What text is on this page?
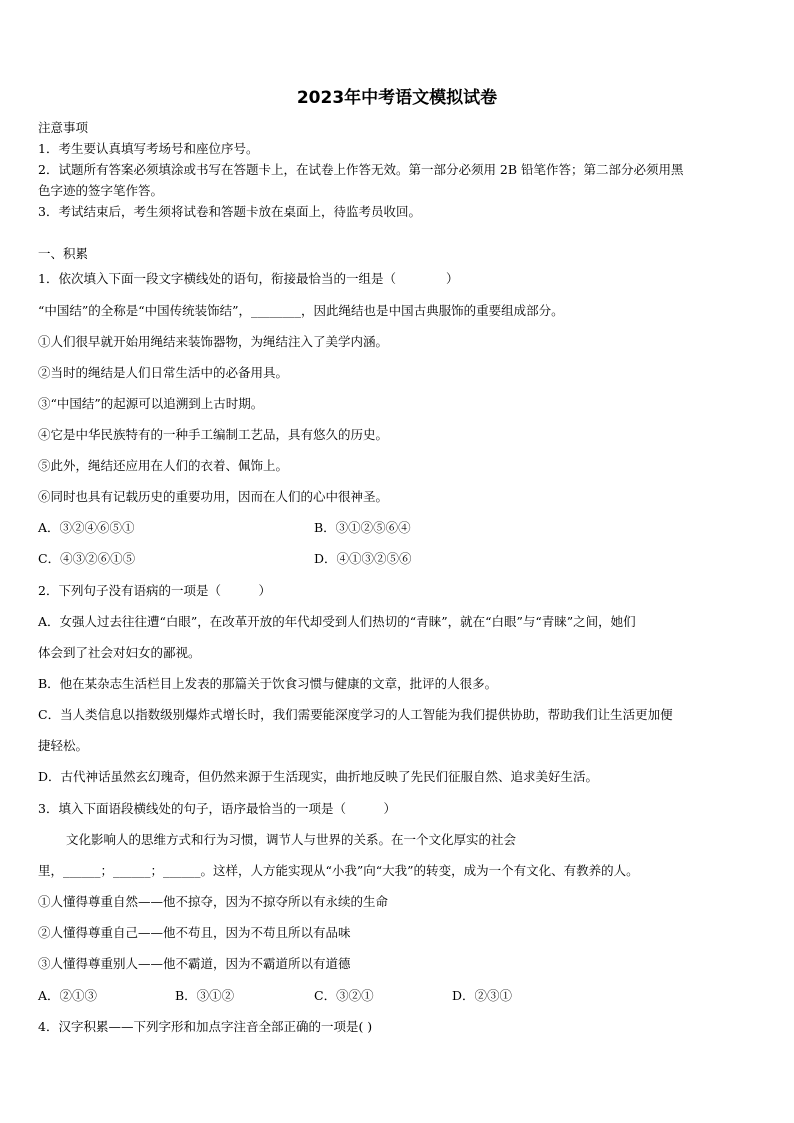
2023年中考语文模拟试卷
注意事项
1．考生要认真填写考场号和座位序号。
2．试题所有答案必须填涂或书写在答题卡上，在试卷上作答无效。第一部分必须用 2B 铅笔作答；第二部分必须用黑
色字迹的签字笔作答。
3．考试结束后，考生须将试卷和答题卡放在桌面上，待监考员收回。
一、积累
1．依次填入下面一段文字横线处的语句，衔接最恰当的一组是（　　　　）
“中国结”的全称是“中国传统装饰结”，________，因此绳结也是中国古典服饰的重要组成部分。
①人们很早就开始用绳结来装饰器物，为绳结注入了美学内涵。
②当时的绳结是人们日常生活中的必备用具。
③“中国结”的起源可以追溯到上古时期。
④它是中华民族特有的一种手工编制工艺品，具有悠久的历史。
⑤此外，绳结还应用在人们的衣着、佩饰上。
⑥同时也具有记载历史的重要功用，因而在人们的心中很神圣。
A．③②④⑥⑤①	B．③①②⑤⑥④
C．④③②⑥①⑤	D．④①③②⑤⑥
2．下列句子没有语病的一项是（　　　）
A．女强人过去往往遭“白眼”，在改革开放的年代却受到人们热切的“青睐”，就在“白眼”与“青睐”之间，她们
体会到了社会对妇女的鄙视。
B．他在某杂志生活栏目上发表的那篇关于饮食习惯与健康的文章，批评的人很多。
C．当人类信息以指数级别爆炸式增长时，我们需要能深度学习的人工智能为我们提供协助，帮助我们让生活更加便
捷轻松。
D．古代神话虽然玄幻瑰奇，但仍然来源于生活现实，曲折地反映了先民们征服自然、追求美好生活。
3．填入下面语段横线处的句子，语序最恰当的一项是（　　　）
文化影响人的思维方式和行为习惯，调节人与世界的关系。在一个文化厚实的社会
里，______；______；______。这样，人方能实现从“小我”向“大我”的转变，成为一个有文化、有教养的人。
①人懂得尊重自然——他不掠夺，因为不掠夺所以有永续的生命
②人懂得尊重自己——他不苟且，因为不苟且所以有品味
③人懂得尊重别人——他不霸道，因为不霸道所以有道德
A．②①③	B．③①②	C．③②①	D．②③①
4．汉字积累——下列字形和加点字注音全部正确的一项是( )
